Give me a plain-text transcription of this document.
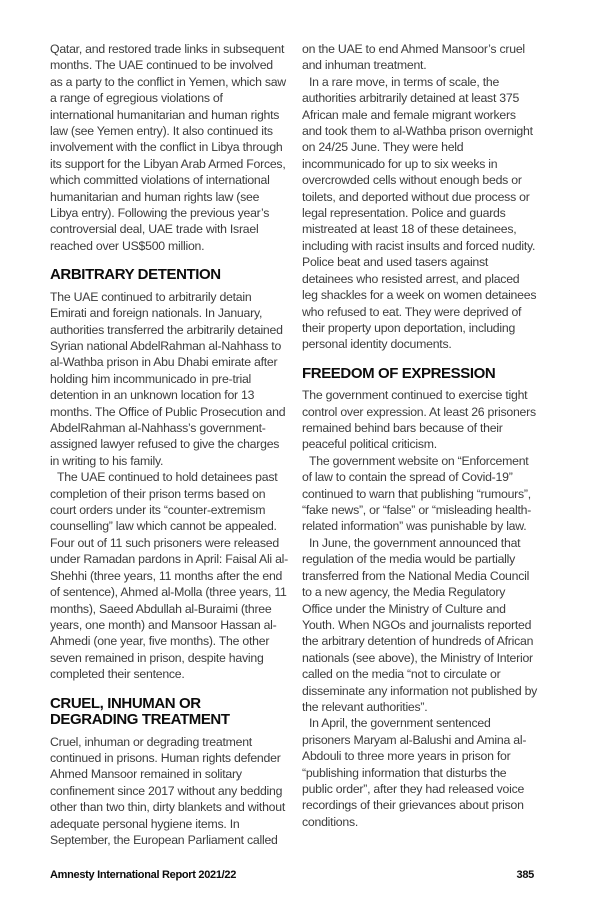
Qatar, and restored trade links in subsequent months. The UAE continued to be involved as a party to the conflict in Yemen, which saw a range of egregious violations of international humanitarian and human rights law (see Yemen entry). It also continued its involvement with the conflict in Libya through its support for the Libyan Arab Armed Forces, which committed violations of international humanitarian and human rights law (see Libya entry). Following the previous year’s controversial deal, UAE trade with Israel reached over US$500 million.

ARBITRARY DETENTION

The UAE continued to arbitrarily detain Emirati and foreign nationals. In January, authorities transferred the arbitrarily detained Syrian national AbdelRahman al-Nahhass to al-Wathba prison in Abu Dhabi emirate after holding him incommunicado in pre-trial detention in an unknown location for 13 months. The Office of Public Prosecution and AbdelRahman al-Nahhass’s government-assigned lawyer refused to give the charges in writing to his family.

The UAE continued to hold detainees past completion of their prison terms based on court orders under its “counter-extremism counselling” law which cannot be appealed. Four out of 11 such prisoners were released under Ramadan pardons in April: Faisal Ali al-Shehhi (three years, 11 months after the end of sentence), Ahmed al-Molla (three years, 11 months), Saeed Abdullah al-Buraimi (three years, one month) and Mansoor Hassan al-Ahmedi (one year, five months). The other seven remained in prison, despite having completed their sentence.

CRUEL, INHUMAN OR DEGRADING TREATMENT

Cruel, inhuman or degrading treatment continued in prisons. Human rights defender Ahmed Mansoor remained in solitary confinement since 2017 without any bedding other than two thin, dirty blankets and without adequate personal hygiene items. In September, the European Parliament called

on the UAE to end Ahmed Mansoor’s cruel and inhuman treatment.

In a rare move, in terms of scale, the authorities arbitrarily detained at least 375 African male and female migrant workers and took them to al-Wathba prison overnight on 24/25 June. They were held incommunicado for up to six weeks in overcrowded cells without enough beds or toilets, and deported without due process or legal representation. Police and guards mistreated at least 18 of these detainees, including with racist insults and forced nudity. Police beat and used tasers against detainees who resisted arrest, and placed leg shackles for a week on women detainees who refused to eat. They were deprived of their property upon deportation, including personal identity documents.

FREEDOM OF EXPRESSION

The government continued to exercise tight control over expression. At least 26 prisoners remained behind bars because of their peaceful political criticism.

The government website on “Enforcement of law to contain the spread of Covid-19” continued to warn that publishing “rumours”, “fake news”, or “false” or “misleading health-related information” was punishable by law.

In June, the government announced that regulation of the media would be partially transferred from the National Media Council to a new agency, the Media Regulatory Office under the Ministry of Culture and Youth. When NGOs and journalists reported the arbitrary detention of hundreds of African nationals (see above), the Ministry of Interior called on the media “not to circulate or disseminate any information not published by the relevant authorities”.

In April, the government sentenced prisoners Maryam al-Balushi and Amina al-Abdouli to three more years in prison for “publishing information that disturbs the public order”, after they had released voice recordings of their grievances about prison conditions.

Amnesty International Report 2021/22	385
